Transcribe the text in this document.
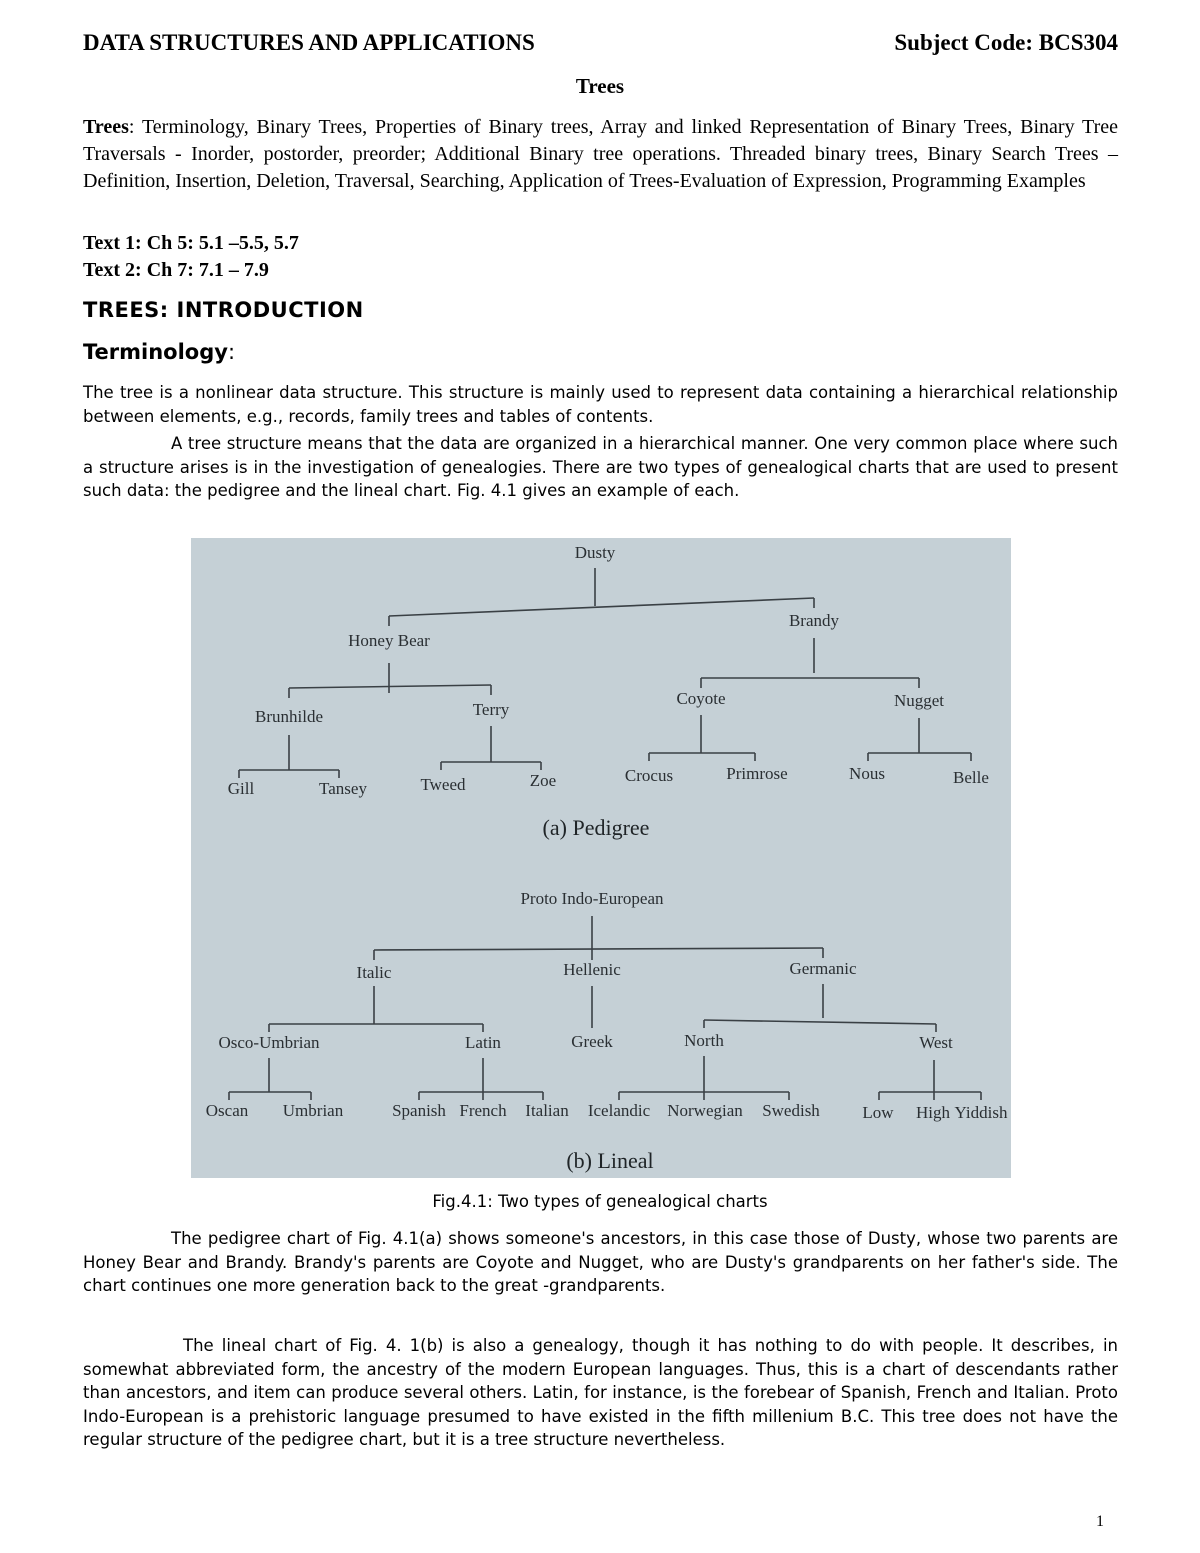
DATA STRUCTURES AND APPLICATIONS	Subject Code: BCS304
Trees
Trees: Terminology, Binary Trees, Properties of Binary trees, Array and linked Representation of Binary Trees, Binary Tree Traversals - Inorder, postorder, preorder; Additional Binary tree operations. Threaded binary trees, Binary Search Trees – Definition, Insertion, Deletion, Traversal, Searching, Application of Trees-Evaluation of Expression, Programming Examples
Text 1: Ch 5: 5.1 –5.5, 5.7
Text 2: Ch 7: 7.1 – 7.9
TREES: INTRODUCTION
Terminology:
The tree is a nonlinear data structure. This structure is mainly used to represent data containing a hierarchical relationship between elements, e.g., records, family trees and tables of contents.
A tree structure means that the data are organized in a hierarchical manner. One very common place where such a structure arises is in the investigation of genealogies. There are two types of genealogical charts that are used to present such data: the pedigree and the lineal chart. Fig. 4.1 gives an example of each.
Dusty
Honey Bear
Brandy
Brunhilde	Terry
Coyote	Nugget
Gill	Tansey	Tweed	Zoe	Crocus	Primrose	Nous	Belle
(a) Pedigree
Proto Indo-European
Italic	Hellenic	Germanic
Osco-Umbrian	Latin	Greek	North	West
Oscan Umbrian	Spanish French Italian Icelandic Norwegian Swedish	Low High Yiddish
(b) Lineal
Fig.4.1: Two types of genealogical charts
The pedigree chart of Fig. 4.1(a) shows someone's ancestors, in this case those of Dusty, whose two parents are Honey Bear and Brandy. Brandy's parents are Coyote and Nugget, who are Dusty's grandparents on her father's side. The chart continues one more generation back to the great -grandparents.
The lineal chart of Fig. 4. 1(b) is also a genealogy, though it has nothing to do with people. It describes, in somewhat abbreviated form, the ancestry of the modern European languages. Thus, this is a chart of descendants rather than ancestors, and item can produce several others. Latin, for instance, is the forebear of Spanish, French and Italian. Proto Indo-European is a prehistoric language presumed to have existed in the fifth millenium B.C. This tree does not have the regular structure of the pedigree chart, but it is a tree structure nevertheless.
1
